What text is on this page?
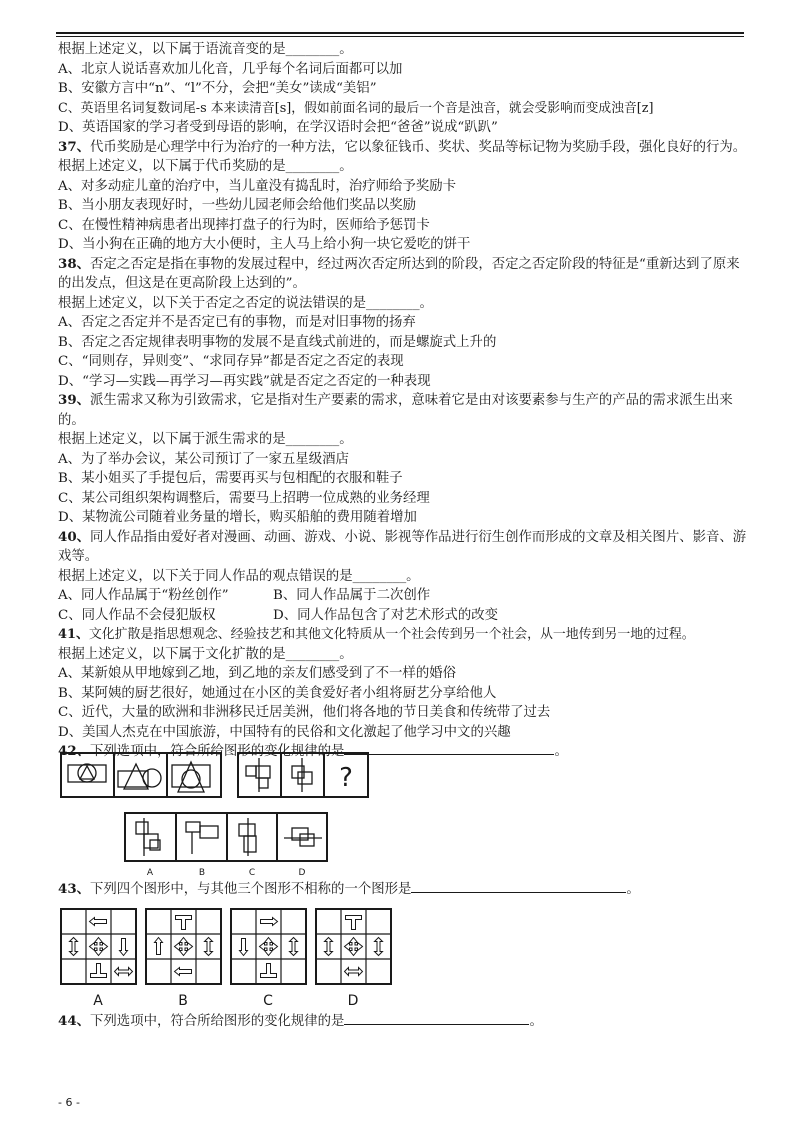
根据上述定义，以下属于语流音变的是________。
A、北京人说话喜欢加儿化音，几乎每个名词后面都可以加
B、安徽方言中“n”、“l”不分，会把“美女”读成“美铝”
C、英语里名词复数词尾-s 本来读清音[s]，假如前面名词的最后一个音是浊音，就会受影响而变成浊音[z]
D、英语国家的学习者受到母语的影响，在学汉语时会把“爸爸”说成“趴趴”
37、代币奖励是心理学中行为治疗的一种方法，它以象征钱币、奖状、奖品等标记物为奖励手段，强化良好的行为。
根据上述定义，以下属于代币奖励的是________。
A、对多动症儿童的治疗中，当儿童没有捣乱时，治疗师给予奖励卡
B、当小朋友表现好时，一些幼儿园老师会给他们奖品以奖励
C、在慢性精神病患者出现摔打盘子的行为时，医师给予惩罚卡
D、当小狗在正确的地方大小便时，主人马上给小狗一块它爱吃的饼干
38、否定之否定是指在事物的发展过程中，经过两次否定所达到的阶段，否定之否定阶段的特征是“重新达到了原来的出发点，但这是在更高阶段上达到的”。
根据上述定义，以下关于否定之否定的说法错误的是________。
A、否定之否定并不是否定已有的事物，而是对旧事物的扬弃
B、否定之否定规律表明事物的发展不是直线式前进的，而是螺旋式上升的
C、“同则存，异则变”、“求同存异”都是否定之否定的表现
D、“学习—实践—再学习—再实践”就是否定之否定的一种表现
39、派生需求又称为引致需求，它是指对生产要素的需求，意味着它是由对该要素参与生产的产品的需求派生出来的。
根据上述定义，以下属于派生需求的是________。
A、为了举办会议，某公司预订了一家五星级酒店
B、某小姐买了手提包后，需要再买与包相配的衣服和鞋子
C、某公司组织架构调整后，需要马上招聘一位成熟的业务经理
D、某物流公司随着业务量的增长，购买船舶的费用随着增加
40、同人作品指由爱好者对漫画、动画、游戏、小说、影视等作品进行衍生创作而形成的文章及相关图片、影音、游戏等。
根据上述定义，以下关于同人作品的观点错误的是________。
A、同人作品属于“粉丝创作”	B、同人作品属于二次创作
C、同人作品不会侵犯版权	D、同人作品包含了对艺术形式的改变
41、文化扩散是指思想观念、经验技艺和其他文化特质从一个社会传到另一个社会，从一地传到另一地的过程。
根据上述定义，以下属于文化扩散的是________。
A、某新娘从甲地嫁到乙地，到乙地的亲友们感受到了不一样的婚俗
B、某阿姨的厨艺很好，她通过在小区的美食爱好者小组将厨艺分享给他人
C、近代，大量的欧洲和非洲移民迁居美洲，他们将各地的节日美食和传统带了过去
D、美国人杰克在中国旅游，中国特有的民俗和文化激起了他学习中文的兴趣
42、下列选项中，符合所给图形的变化规律的是	。
?
A	B	C	D
43、下列四个图形中，与其他三个图形不相称的一个图形是	。
A	B	C	D
44、下列选项中，符合所给图形的变化规律的是	。
- 6 -
